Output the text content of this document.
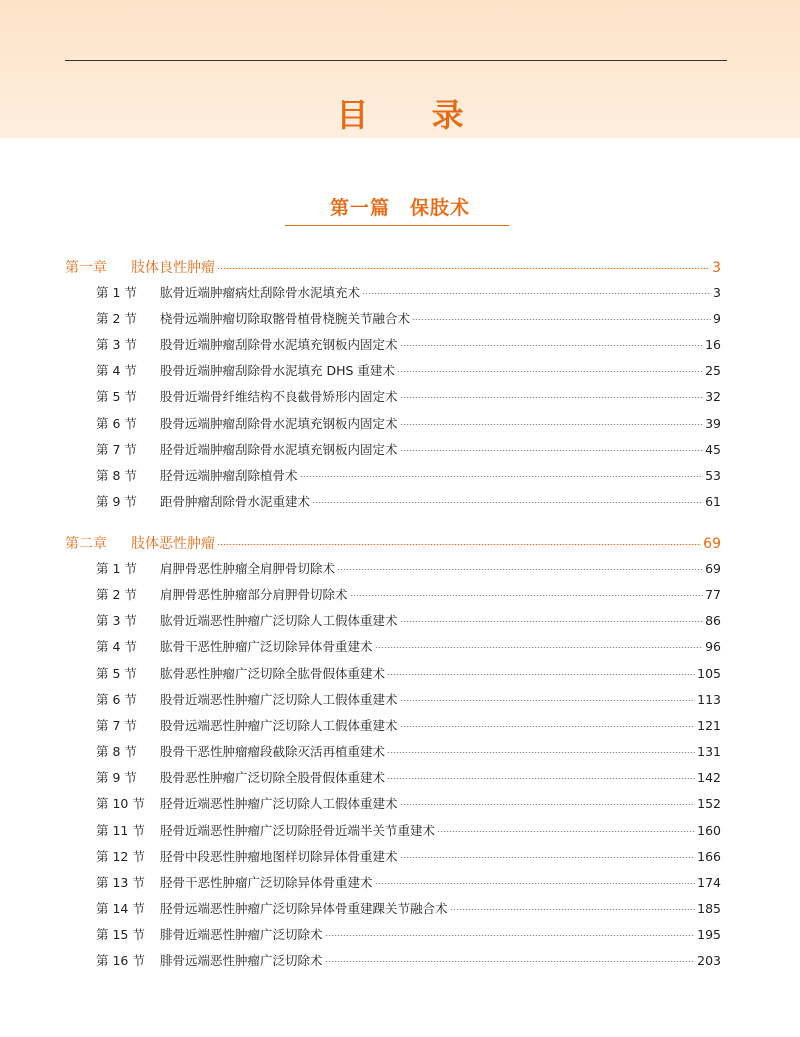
目 录
第一篇　保肢术
第一章	肢体良性肿瘤	3
第 1 节	肱骨近端肿瘤病灶刮除骨水泥填充术	3
第 2 节	桡骨远端肿瘤切除取髂骨植骨桡腕关节融合术	9
第 3 节	股骨近端肿瘤刮除骨水泥填充钢板内固定术	16
第 4 节	股骨近端肿瘤刮除骨水泥填充 DHS 重建术	25
第 5 节	股骨近端骨纤维结构不良截骨矫形内固定术	32
第 6 节	股骨远端肿瘤刮除骨水泥填充钢板内固定术	39
第 7 节	胫骨近端肿瘤刮除骨水泥填充钢板内固定术	45
第 8 节	胫骨远端肿瘤刮除植骨术	53
第 9 节	距骨肿瘤刮除骨水泥重建术	61
第二章	肢体恶性肿瘤	69
第 1 节	肩胛骨恶性肿瘤全肩胛骨切除术	69
第 2 节	肩胛骨恶性肿瘤部分肩胛骨切除术	77
第 3 节	肱骨近端恶性肿瘤广泛切除人工假体重建术	86
第 4 节	肱骨干恶性肿瘤广泛切除异体骨重建术	96
第 5 节	肱骨恶性肿瘤广泛切除全肱骨假体重建术	105
第 6 节	股骨近端恶性肿瘤广泛切除人工假体重建术	113
第 7 节	股骨远端恶性肿瘤广泛切除人工假体重建术	121
第 8 节	股骨干恶性肿瘤瘤段截除灭活再植重建术	131
第 9 节	股骨恶性肿瘤广泛切除全股骨假体重建术	142
第 10 节	胫骨近端恶性肿瘤广泛切除人工假体重建术	152
第 11 节	胫骨近端恶性肿瘤广泛切除胫骨近端半关节重建术	160
第 12 节	胫骨中段恶性肿瘤地图样切除异体骨重建术	166
第 13 节	胫骨干恶性肿瘤广泛切除异体骨重建术	174
第 14 节	胫骨远端恶性肿瘤广泛切除异体骨重建踝关节融合术	185
第 15 节	腓骨近端恶性肿瘤广泛切除术	195
第 16 节	腓骨远端恶性肿瘤广泛切除术	203
